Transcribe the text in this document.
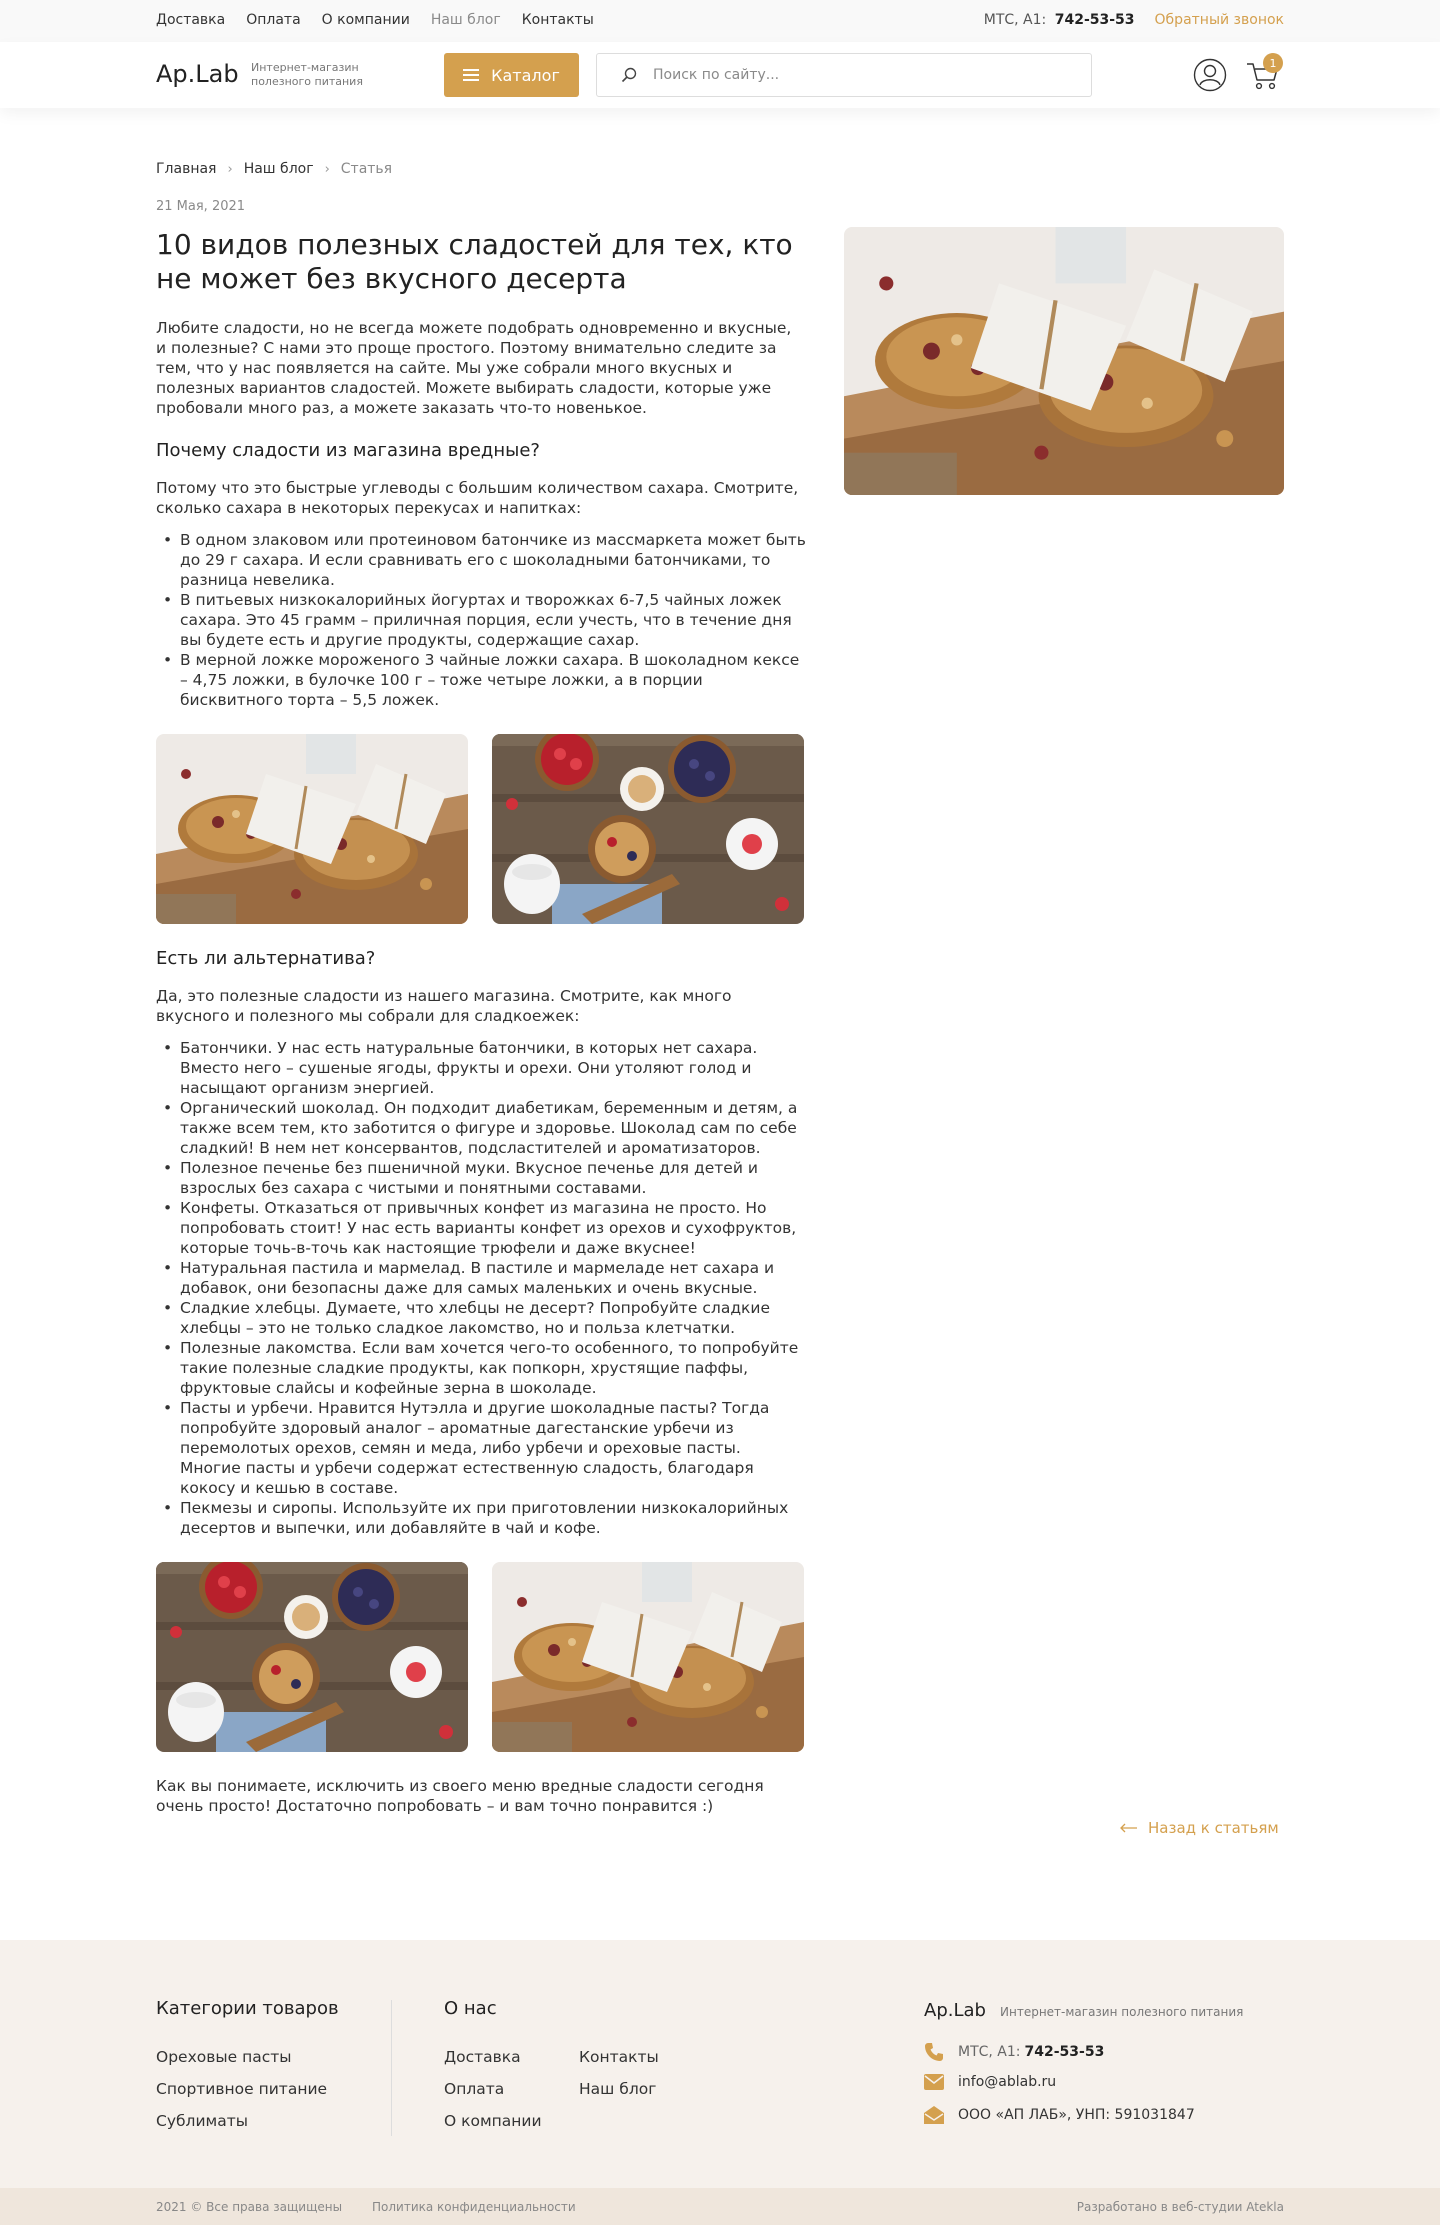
Доставка Оплата О компании Наш блог Контакты	МТС, А1: 742-53-53 Обратный звонок
Ap.Lab Интернет-магазин полезного питания	Каталог
Поиск по сайту...
1
Главная › Наш блог › Статья
21 Мая, 2021
10 видов полезных сладостей для тех, кто не может без вкусного десерта

Любите сладости, но не всегда можете подобрать одновременно и вкусные, и полезные? С нами это проще простого. Поэтому внимательно следите за тем, что у нас появляется на сайте. Мы уже собрали много вкусных и полезных вариантов сладостей. Можете выбирать сладости, которые уже пробовали много раз, а можете заказать что-то новенькое.

Почему сладости из магазина вредные?

Потому что это быстрые углеводы с большим количеством сахара. Смотрите, сколько сахара в некоторых перекусах и напитках:

• В одном злаковом или протеиновом батончике из массмаркета может быть до 29 г сахара. И если сравнивать его с шоколадными батончиками, то разница невелика.
• В питьевых низкокалорийных йогуртах и творожках 6-7,5 чайных ложек сахара. Это 45 грамм – приличная порция, если учесть, что в течение дня вы будете есть и другие продукты, содержащие сахар.
• В мерной ложке мороженого 3 чайные ложки сахара. В шоколадном кексе – 4,75 ложки, в булочке 100 г – тоже четыре ложки, а в порции бисквитного торта – 5,5 ложек.
Есть ли альтернатива?

Да, это полезные сладости из нашего магазина. Смотрите, как много вкусного и полезного мы собрали для сладкоежек:

• Батончики. У нас есть натуральные батончики, в которых нет сахара. Вместо него – сушеные ягоды, фрукты и орехи. Они утоляют голод и насыщают организм энергией.
• Органический шоколад. Он подходит диабетикам, беременным и детям, а также всем тем, кто заботится о фигуре и здоровье. Шоколад сам по себе сладкий! В нем нет консервантов, подсластителей и ароматизаторов.
• Полезное печенье без пшеничной муки. Вкусное печенье для детей и взрослых без сахара с чистыми и понятными составами.
• Конфеты. Отказаться от привычных конфет из магазина не просто. Но попробовать стоит! У нас есть варианты конфет из орехов и сухофруктов, которые точь-в-точь как настоящие трюфели и даже вкуснее!
• Натуральная пастила и мармелад. В пастиле и мармеладе нет сахара и добавок, они безопасны даже для самых маленьких и очень вкусные.
• Сладкие хлебцы. Думаете, что хлебцы не десерт? Попробуйте сладкие хлебцы – это не только сладкое лакомство, но и польза клетчатки.
• Полезные лакомства. Если вам хочется чего-то особенного, то попробуйте такие полезные сладкие продукты, как попкорн, хрустящие паффы, фруктовые слайсы и кофейные зерна в шоколаде.
• Пасты и урбечи. Нравится Нутэлла и другие шоколадные пасты? Тогда попробуйте здоровый аналог – ароматные дагестанские урбечи из перемолотых орехов, семян и меда, либо урбечи и ореховые пасты. Многие пасты и урбечи содержат естественную сладость, благодаря кокосу и кешью в составе.
• Пекмезы и сиропы. Используйте их при приготовлении низкокалорийных десертов и выпечки, или добавляйте в чай и кофе.

Как вы понимаете, исключить из своего меню вредные сладости сегодня очень просто! Достаточно попробовать – и вам точно понравится :)

Назад к статьям
Категории товаров
Ореховые пасты
Спортивное питание
Сублиматы
О нас
Доставка
Оплата
О компании
Контакты
Наш блог
Ap.Lab Интернет-магазин полезного питания
МТС, А1: 742-53-53
info@ablab.ru
ООО «АП ЛАБ», УНП: 591031847
2021 © Все права защищены Политика конфиденциальности	Разработано в веб-студии Atekla
